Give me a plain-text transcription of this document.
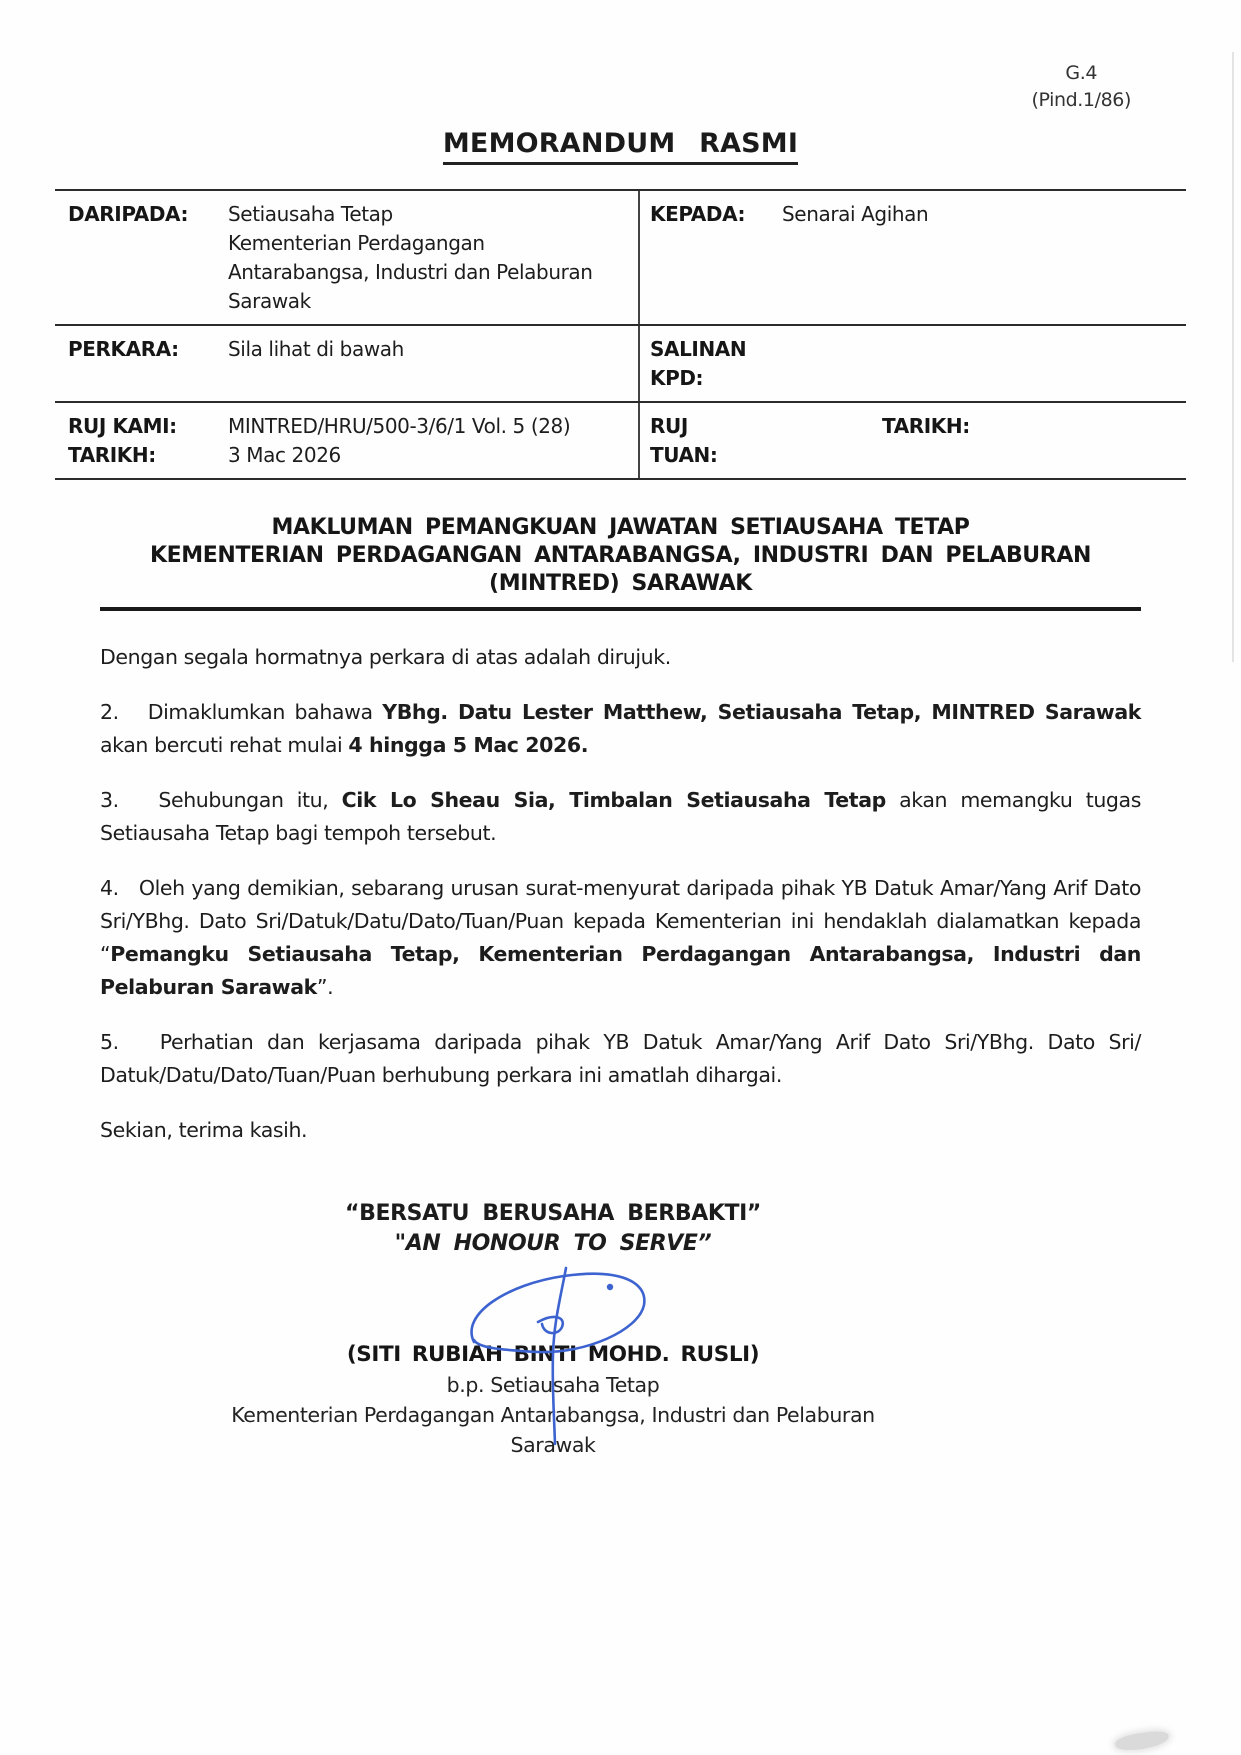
G.4
(Pind.1/86)
MEMORANDUM RASMI
DARIPADA:	Setiausaha Tetap
Kementerian Perdagangan
Antarabangsa, Industri dan Pelaburan
Sarawak
KEPADA:	Senarai Agihan
PERKARA:	Sila lihat di bawah	SALINAN
KPD:
RUJ KAMI:	MINTRED/HRU/500-3/6/1 Vol. 5 (28)
TARIKH:	3 Mac 2026
RUJ
TUAN:
TARIKH:
MAKLUMAN PEMANGKUAN JAWATAN SETIAUSAHA TETAP
KEMENTERIAN PERDAGANGAN ANTARABANGSA, INDUSTRI DAN PELABURAN
(MINTRED) SARAWAK

Dengan segala hormatnya perkara di atas adalah dirujuk.

2.   Dimaklumkan bahawa YBhg. Datu Lester Matthew, Setiausaha Tetap, MINTRED Sarawak akan bercuti rehat mulai 4 hingga 5 Mac 2026.

3.   Sehubungan itu, Cik Lo Sheau Sia, Timbalan Setiausaha Tetap akan memangku tugas Setiausaha Tetap bagi tempoh tersebut.

4.   Oleh yang demikian, sebarang urusan surat-menyurat daripada pihak YB Datuk Amar/Yang Arif Dato Sri/YBhg. Dato Sri/Datuk/Datu/Dato/Tuan/Puan kepada Kementerian ini hendaklah dialamatkan kepada “Pemangku Setiausaha Tetap, Kementerian Perdagangan Antarabangsa, Industri dan Pelaburan Sarawak”.

5.   Perhatian dan kerjasama daripada pihak YB Datuk Amar/Yang Arif Dato Sri/YBhg. Dato Sri/ Datuk/Datu/Dato/Tuan/Puan berhubung perkara ini amatlah dihargai.

Sekian, terima kasih.

“BERSATU BERUSAHA BERBAKTI”
"AN HONOUR TO SERVE”
(SITI RUBIAH BINTI MOHD. RUSLI)
b.p. Setiausaha Tetap
Kementerian Perdagangan Antarabangsa, Industri dan Pelaburan
Sarawak
